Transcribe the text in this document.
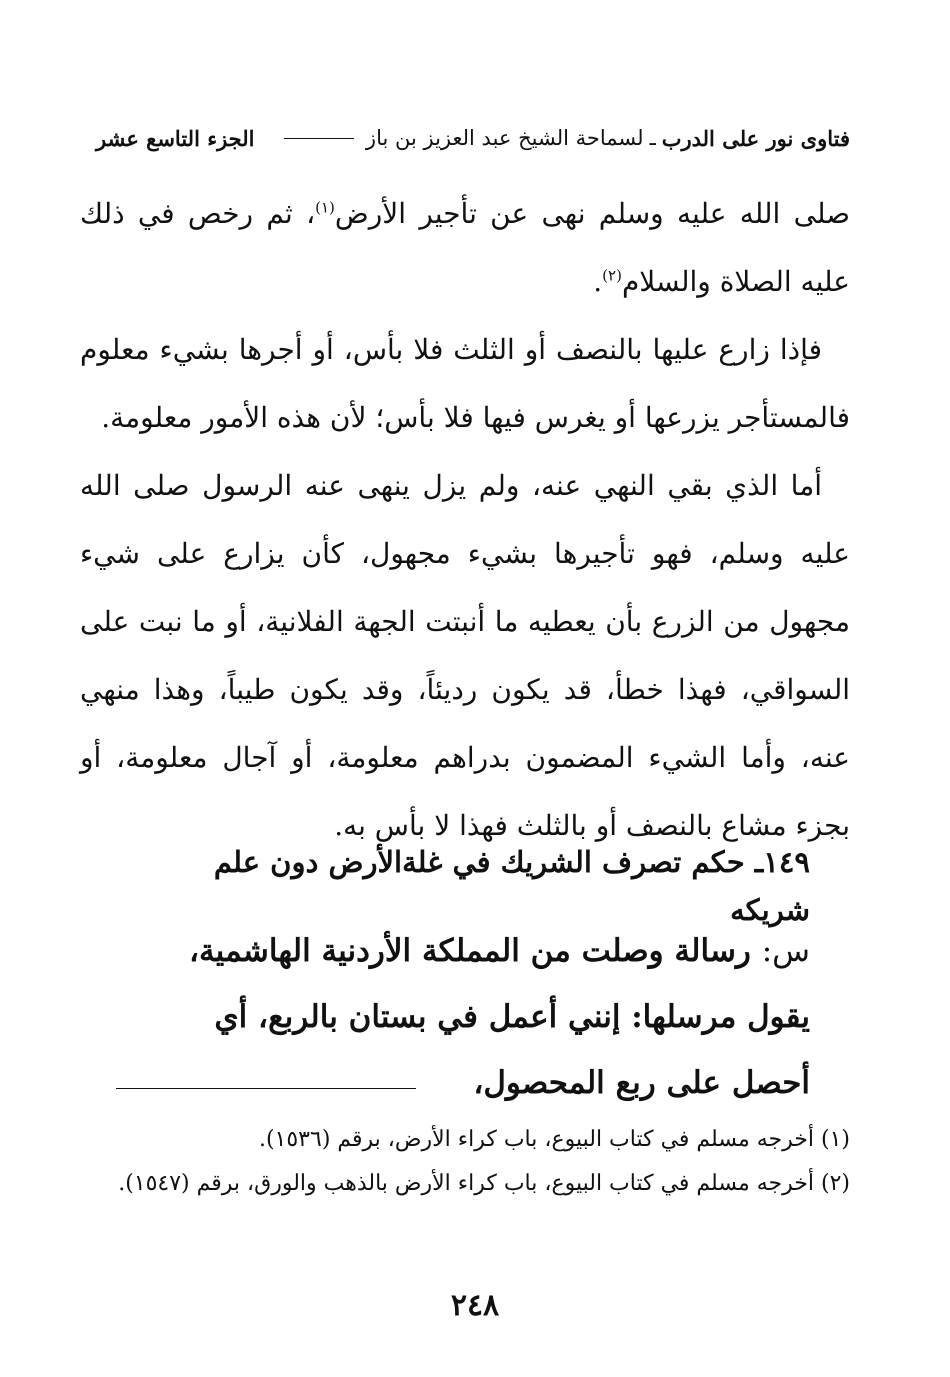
فتاوى نور على الدرب
ـ
لسماحة الشيخ عبد العزيز بن باز
الجزء التاسع عشر

صلى الله عليه وسلم نهى عن تأجير الأرض$^{(١)}$، ثم رخص في ذلك عليه الصلاة والسلام$^{(٢)}$.

فإذا زارع عليها بالنصف أو الثلث فلا بأس، أو أجرها بشيء معلوم فالمستأجر يزرعها أو يغرس فيها فلا بأس؛ لأن هذه الأمور معلومة.

أما الذي بقي النهي عنه، ولم يزل ينهى عنه الرسول صلى الله عليه وسلم، فهو تأجيرها بشيء مجهول، كأن يزارع على شيء مجهول من الزرع بأن يعطيه ما أنبتت الجهة الفلانية، أو ما نبت على السواقي، فهذا خطأ، قد يكون رديئاً، وقد يكون طيباً، وهذا منهي عنه، وأما الشيء المضمون بدراهم معلومة، أو آجال معلومة، أو بجزء مشاع بالنصف أو بالثلث فهذا لا بأس به.

١٤٩ـ حكم تصرف الشريك في غلةالأرض دون علم شريكه
س: رسالة وصلت من المملكة الأردنية الهاشمية، يقول مرسلها: إنني أعمل في بستان بالربع، أي أحصل على ربع المحصول،

(١) أخرجه مسلم في كتاب البيوع، باب كراء الأرض، برقم (١٥٣٦).

(٢) أخرجه مسلم في كتاب البيوع، باب كراء الأرض بالذهب والورق، برقم (١٥٤٧).

٢٤٨
